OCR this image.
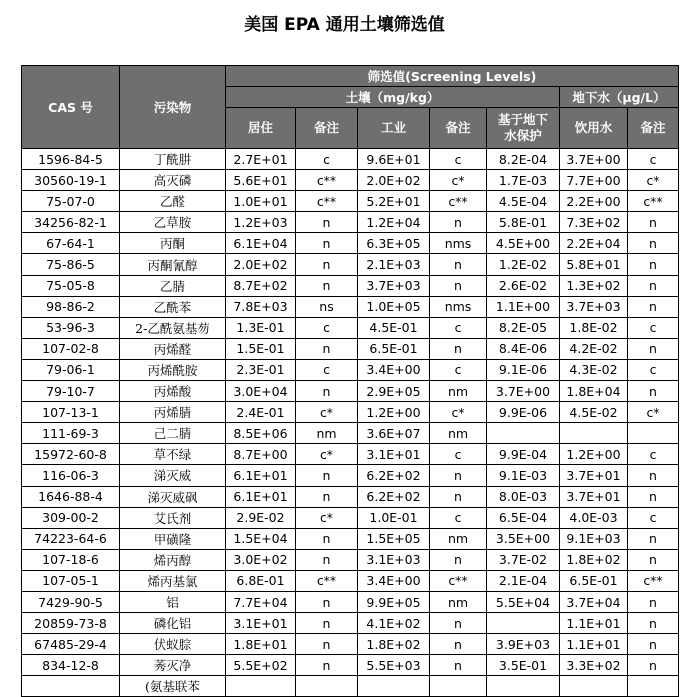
美国 EPA 通用土壤筛选值
CAS 号	污染物	筛选值(Screening Levels)						
		土壤（mg/kg）					地下水（μg/L）	
		居住	备注	工业	备注	基于地下
水保护	饮用水	备注
1596-84-5	丁酰肼	2.7E+01	c	9.6E+01	c	8.2E-04	3.7E+00	c
30560-19-1	高灭磷	5.6E+01	c**	2.0E+02	c*	1.7E-03	7.7E+00	c*
75-07-0	乙醛	1.0E+01	c**	5.2E+01	c**	4.5E-04	2.2E+00	c**
34256-82-1	乙草胺	1.2E+03	n	1.2E+04	n	5.8E-01	7.3E+02	n
67-64-1	丙酮	6.1E+04	n	6.3E+05	nms	4.5E+00	2.2E+04	n
75-86-5	丙酮氰醇	2.0E+02	n	2.1E+03	n	1.2E-02	5.8E+01	n
75-05-8	乙腈	8.7E+02	n	3.7E+03	n	2.6E-02	1.3E+02	n
98-86-2	乙酰苯	7.8E+03	ns	1.0E+05	nms	1.1E+00	3.7E+03	n
53-96-3	2-乙酰氨基芴	1.3E-01	c	4.5E-01	c	8.2E-05	1.8E-02	c
107-02-8	丙烯醛	1.5E-01	n	6.5E-01	n	8.4E-06	4.2E-02	n
79-06-1	丙烯酰胺	2.3E-01	c	3.4E+00	c	9.1E-06	4.3E-02	c
79-10-7	丙烯酸	3.0E+04	n	2.9E+05	nm	3.7E+00	1.8E+04	n
107-13-1	丙烯腈	2.4E-01	c*	1.2E+00	c*	9.9E-06	4.5E-02	c*
111-69-3	己二腈	8.5E+06	nm	3.6E+07	nm			
15972-60-8	草不绿	8.7E+00	c*	3.1E+01	c	9.9E-04	1.2E+00	c
116-06-3	涕灭威	6.1E+01	n	6.2E+02	n	9.1E-03	3.7E+01	n
1646-88-4	涕灭威砜	6.1E+01	n	6.2E+02	n	8.0E-03	3.7E+01	n
309-00-2	艾氏剂	2.9E-02	c*	1.0E-01	c	6.5E-04	4.0E-03	c
74223-64-6	甲磺隆	1.5E+04	n	1.5E+05	nm	3.5E+00	9.1E+03	n
107-18-6	烯丙醇	3.0E+02	n	3.1E+03	n	3.7E-02	1.8E+02	n
107-05-1	烯丙基氯	6.8E-01	c**	3.4E+00	c**	2.1E-04	6.5E-01	c**
7429-90-5	铝	7.7E+04	n	9.9E+05	nm	5.5E+04	3.7E+04	n
20859-73-8	磷化铝	3.1E+01	n	4.1E+02	n		1.1E+01	n
67485-29-4	伏蚁腙	1.8E+01	n	1.8E+02	n	3.9E+03	1.1E+01	n
834-12-8	莠灭净	5.5E+02	n	5.5E+03	n	3.5E-01	3.3E+02	n
	(氨基联苯							
